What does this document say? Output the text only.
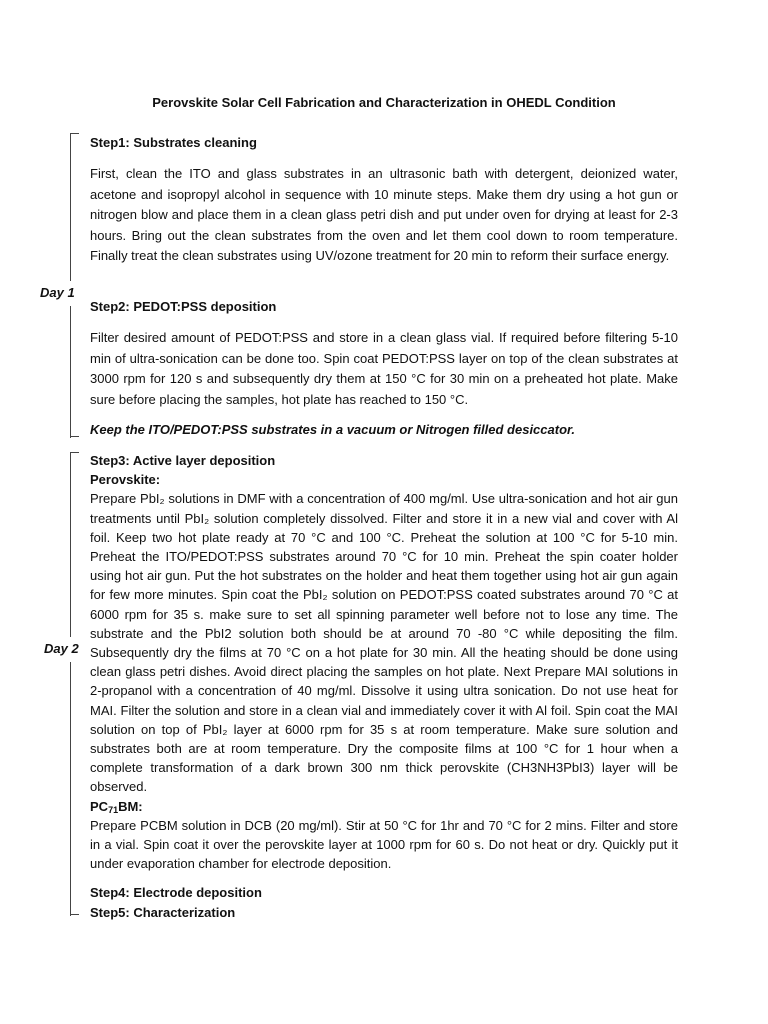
Perovskite Solar Cell Fabrication and Characterization in OHEDL Condition
Day 1
Day 2
Step1: Substrates cleaning
First, clean the ITO and glass substrates in an ultrasonic bath with detergent, deionized water, acetone and isopropyl alcohol in sequence with 10 minute steps. Make them dry using a hot gun or nitrogen blow and place them in a clean glass petri dish and put under oven for drying at least for 2-3 hours. Bring out the clean substrates from the oven and let them cool down to room temperature. Finally treat the clean substrates using UV/ozone treatment for 20 min to reform their surface energy.
Step2: PEDOT:PSS deposition
Filter desired amount of PEDOT:PSS and store in a clean glass vial. If required before filtering 5-10 min of ultra-sonication can be done too. Spin coat PEDOT:PSS layer on top of the clean substrates at 3000 rpm for 120 s and subsequently dry them at 150 °C for 30 min on a preheated hot plate. Make sure before placing the samples, hot plate has reached to 150 °C.
Keep the ITO/PEDOT:PSS substrates in a vacuum or Nitrogen filled desiccator.
Step3: Active layer deposition
Perovskite:
Prepare PbI₂ solutions in DMF with a concentration of 400 mg/ml. Use ultra-sonication and hot air gun treatments until PbI₂ solution completely dissolved. Filter and store it in a new vial and cover with Al foil. Keep two hot plate ready at 70 °C and 100 °C. Preheat the solution at 100 °C for 5-10 min. Preheat the ITO/PEDOT:PSS substrates around 70 °C for 10 min. Preheat the spin coater holder using hot air gun. Put the hot substrates on the holder and heat them together using hot air gun again for few more minutes. Spin coat the PbI₂ solution on PEDOT:PSS coated substrates around 70 °C at 6000 rpm for 35 s. make sure to set all spinning parameter well before not to lose any time. The substrate and the PbI2 solution both should be at around 70 -80 °C while depositing the film. Subsequently dry the films at 70 °C on a hot plate for 30 min. All the heating should be done using clean glass petri dishes. Avoid direct placing the samples on hot plate. Next Prepare MAI solutions in 2-propanol with a concentration of 40 mg/ml. Dissolve it using ultra sonication. Do not use heat for MAI. Filter the solution and store in a clean vial and immediately cover it with Al foil. Spin coat the MAI solution on top of PbI₂ layer at 6000 rpm for 35 s at room temperature. Make sure solution and substrates both are at room temperature. Dry the composite films at 100 °C for 1 hour when a complete transformation of a dark brown 300 nm thick perovskite (CH3NH3PbI3) layer will be observed.
$PC_{71}BM$:
Prepare PCBM solution in DCB (20 mg/ml). Stir at 50 °C for 1hr and 70 °C for 2 mins. Filter and store in a vial. Spin coat it over the perovskite layer at 1000 rpm for 60 s. Do not heat or dry. Quickly put it under evaporation chamber for electrode deposition.
Step4: Electrode deposition
Step5: Characterization
